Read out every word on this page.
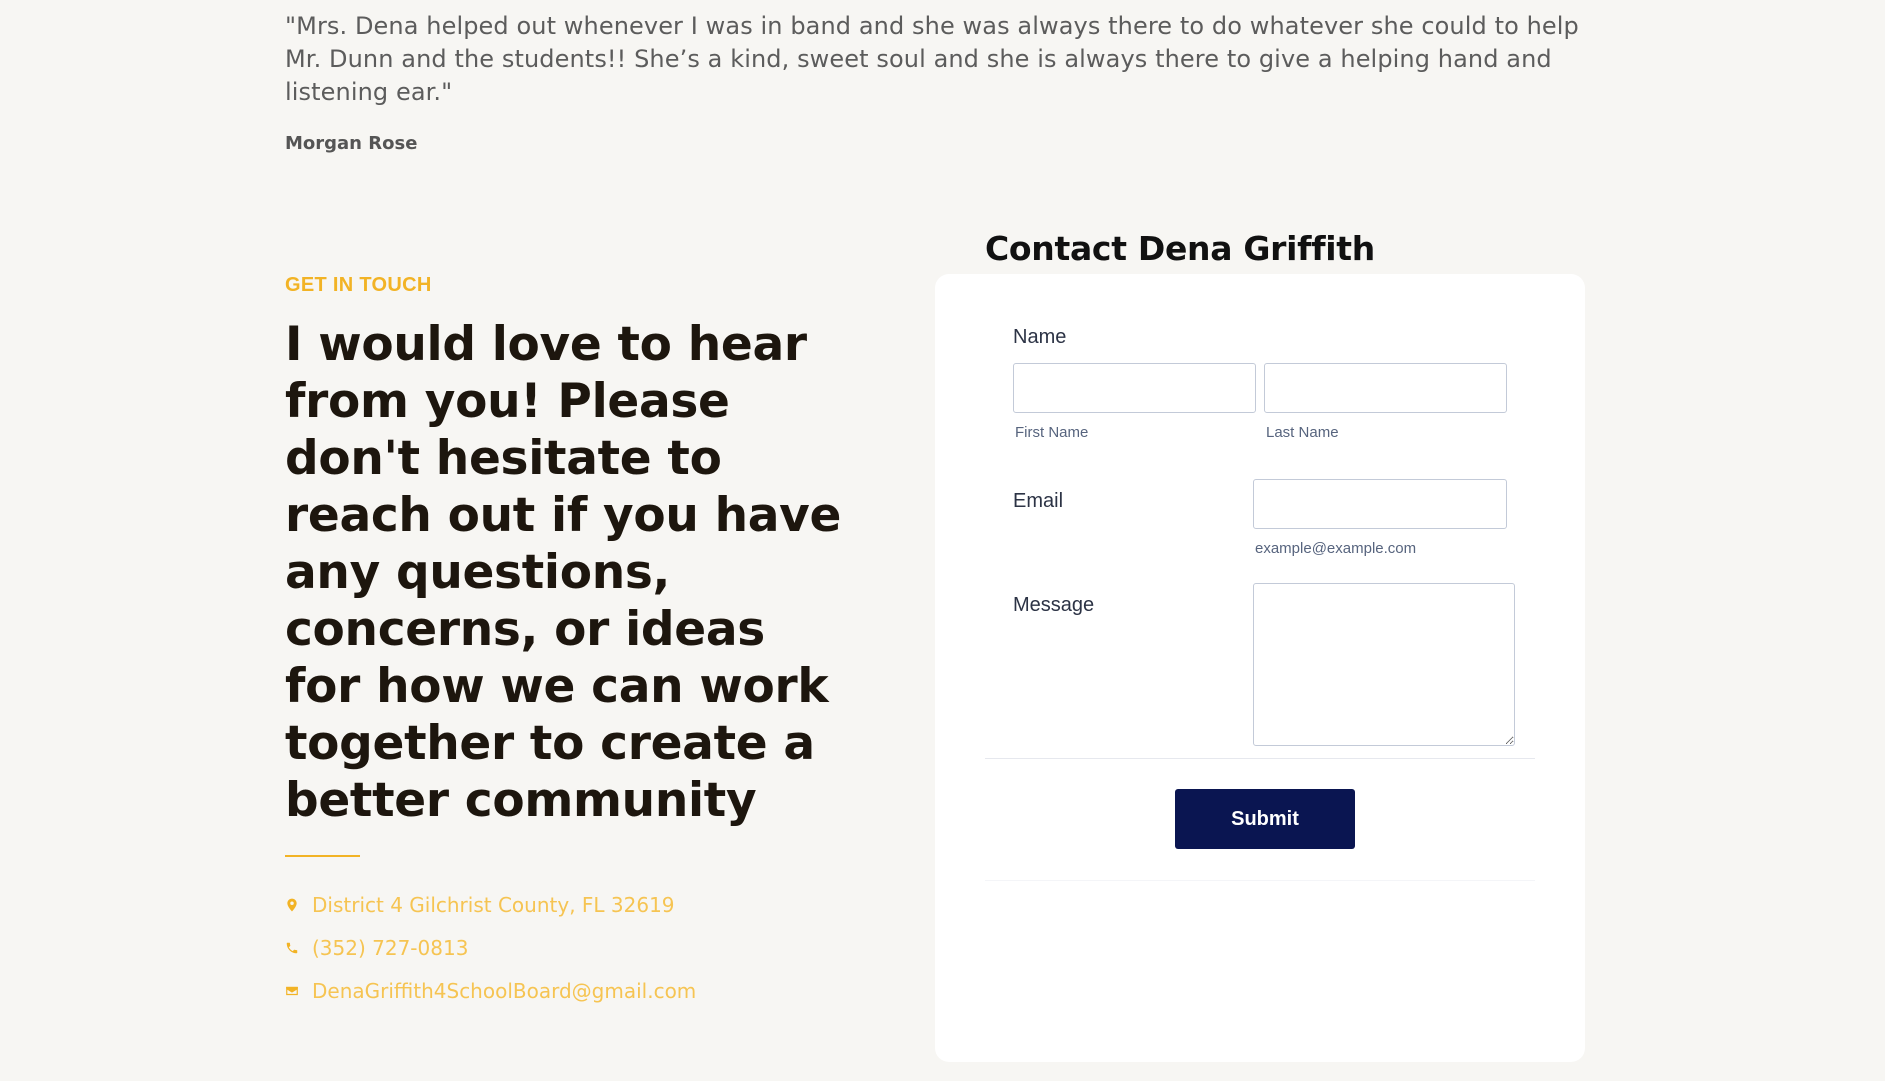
"Mrs. Dena helped out whenever I was in band and she was always there to do whatever she could to help Mr. Dunn and the students!! She’s a kind, sweet soul and she is always there to give a helping hand and listening ear."
Morgan Rose
GET IN TOUCH
I would love to hear from you! Please don't hesitate to reach out if you have any questions, concerns, or ideas for how we can work together to create a better community
District 4 Gilchrist County, FL 32619
(352) 727-0813
DenaGriffith4SchoolBoard@gmail.com
Contact Dena Griffith
Name
First Name	Last Name
Email
example@example.com
Message
Submit
